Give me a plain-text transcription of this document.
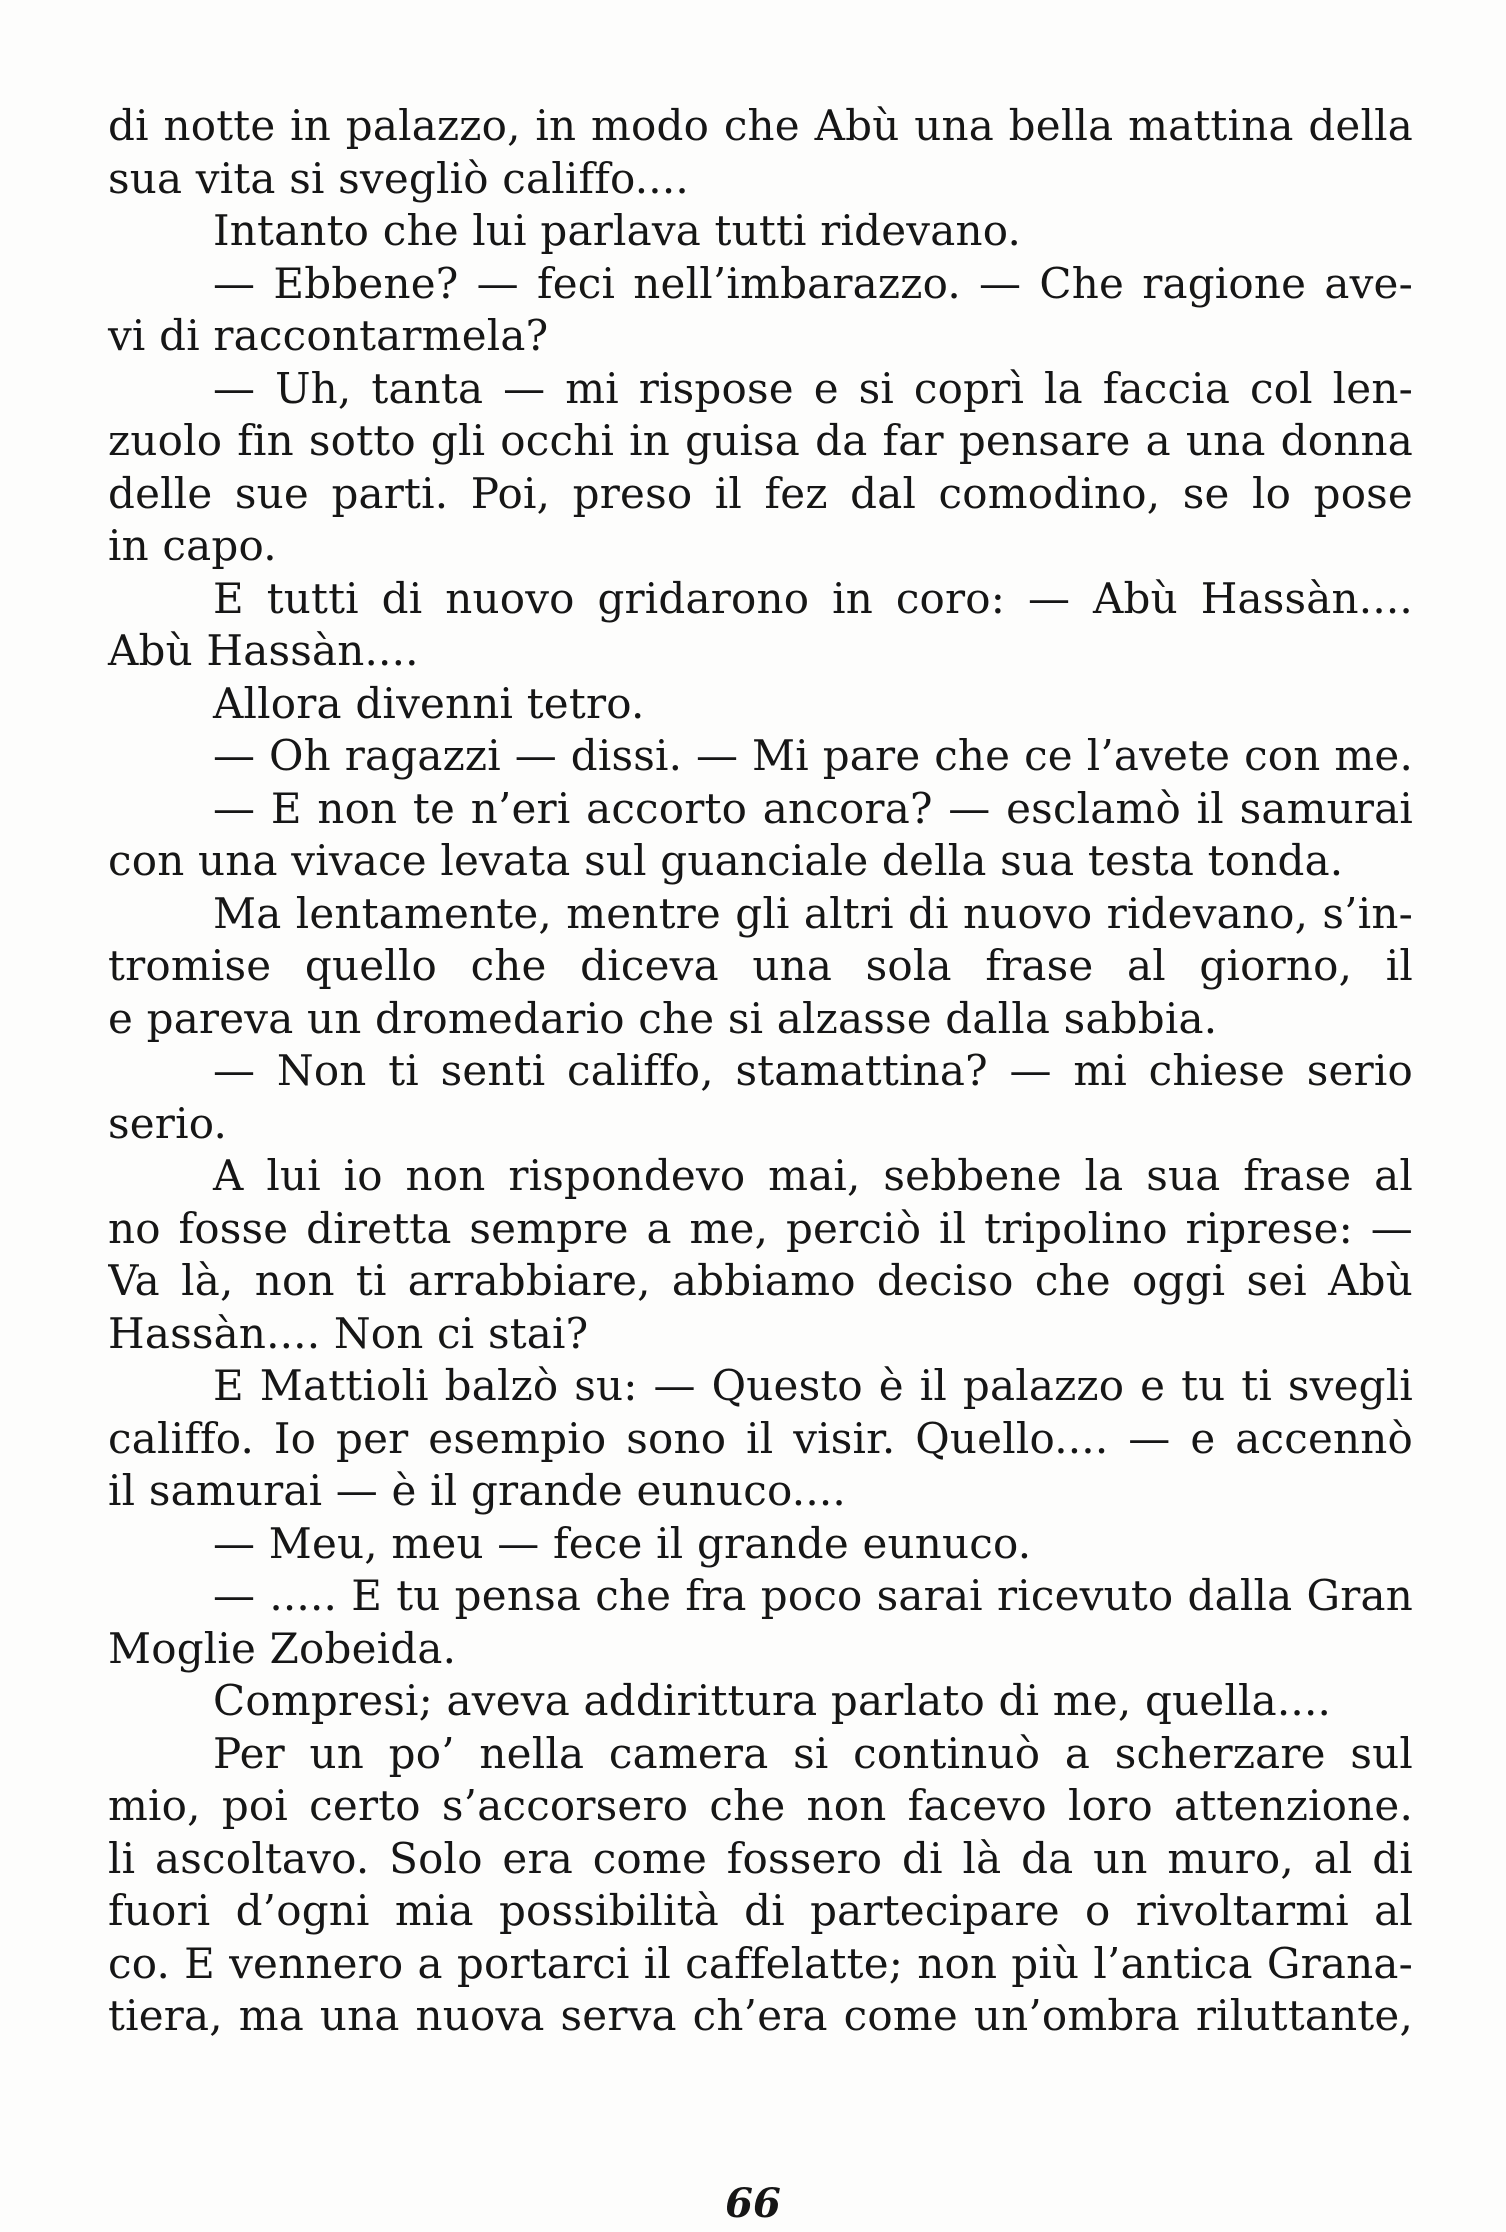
di notte in palazzo, in modo che Abù una bella mattina della
sua vita si svegliò califfo....
Intanto che lui parlava tutti ridevano.
— Ebbene? — feci nell’imbarazzo. — Che ragione ave-
vi di raccontarmela?
— Uh, tanta — mi rispose e si coprì la faccia col len-
zuolo fin sotto gli occhi in guisa da far pensare a una donna
delle sue parti. Poi, preso il fez dal comodino, se lo pose
in capo.
E tutti di nuovo gridarono in coro: — Abù Hassàn....
Abù Hassàn....
Allora divenni tetro.
— Oh ragazzi — dissi. — Mi pare che ce l’avete con me.
— E non te n’eri accorto ancora? — esclamò il samurai
con una vivace levata sul guanciale della sua testa tonda.
Ma lentamente, mentre gli altri di nuovo ridevano, s’in-
tromise quello che diceva una sola frase al giorno, il
e pareva un dromedario che si alzasse dalla sabbia.
— Non ti senti califfo, stamattina? — mi chiese serio
serio.
A lui io non rispondevo mai, sebbene la sua frase al
no fosse diretta sempre a me, perciò il tripolino riprese: —
Va là, non ti arrabbiare, abbiamo deciso che oggi sei Abù
Hassàn.... Non ci stai?
E Mattioli balzò su: — Questo è il palazzo e tu ti svegli
califfo. Io per esempio sono il visir. Quello.... — e accennò
il samurai — è il grande eunuco....
— Meu, meu — fece il grande eunuco.
— ..... E tu pensa che fra poco sarai ricevuto dalla Gran
Moglie Zobeida.
Compresi; aveva addirittura parlato di me, quella....
Per un po’ nella camera si continuò a scherzare sul
mio, poi certo s’accorsero che non facevo loro attenzione.
li ascoltavo. Solo era come fossero di là da un muro, al di
fuori d’ogni mia possibilità di partecipare o rivoltarmi al
co. E vennero a portarci il caffelatte; non più l’antica Grana-
tiera, ma una nuova serva ch’era come un’ombra riluttante,
66
